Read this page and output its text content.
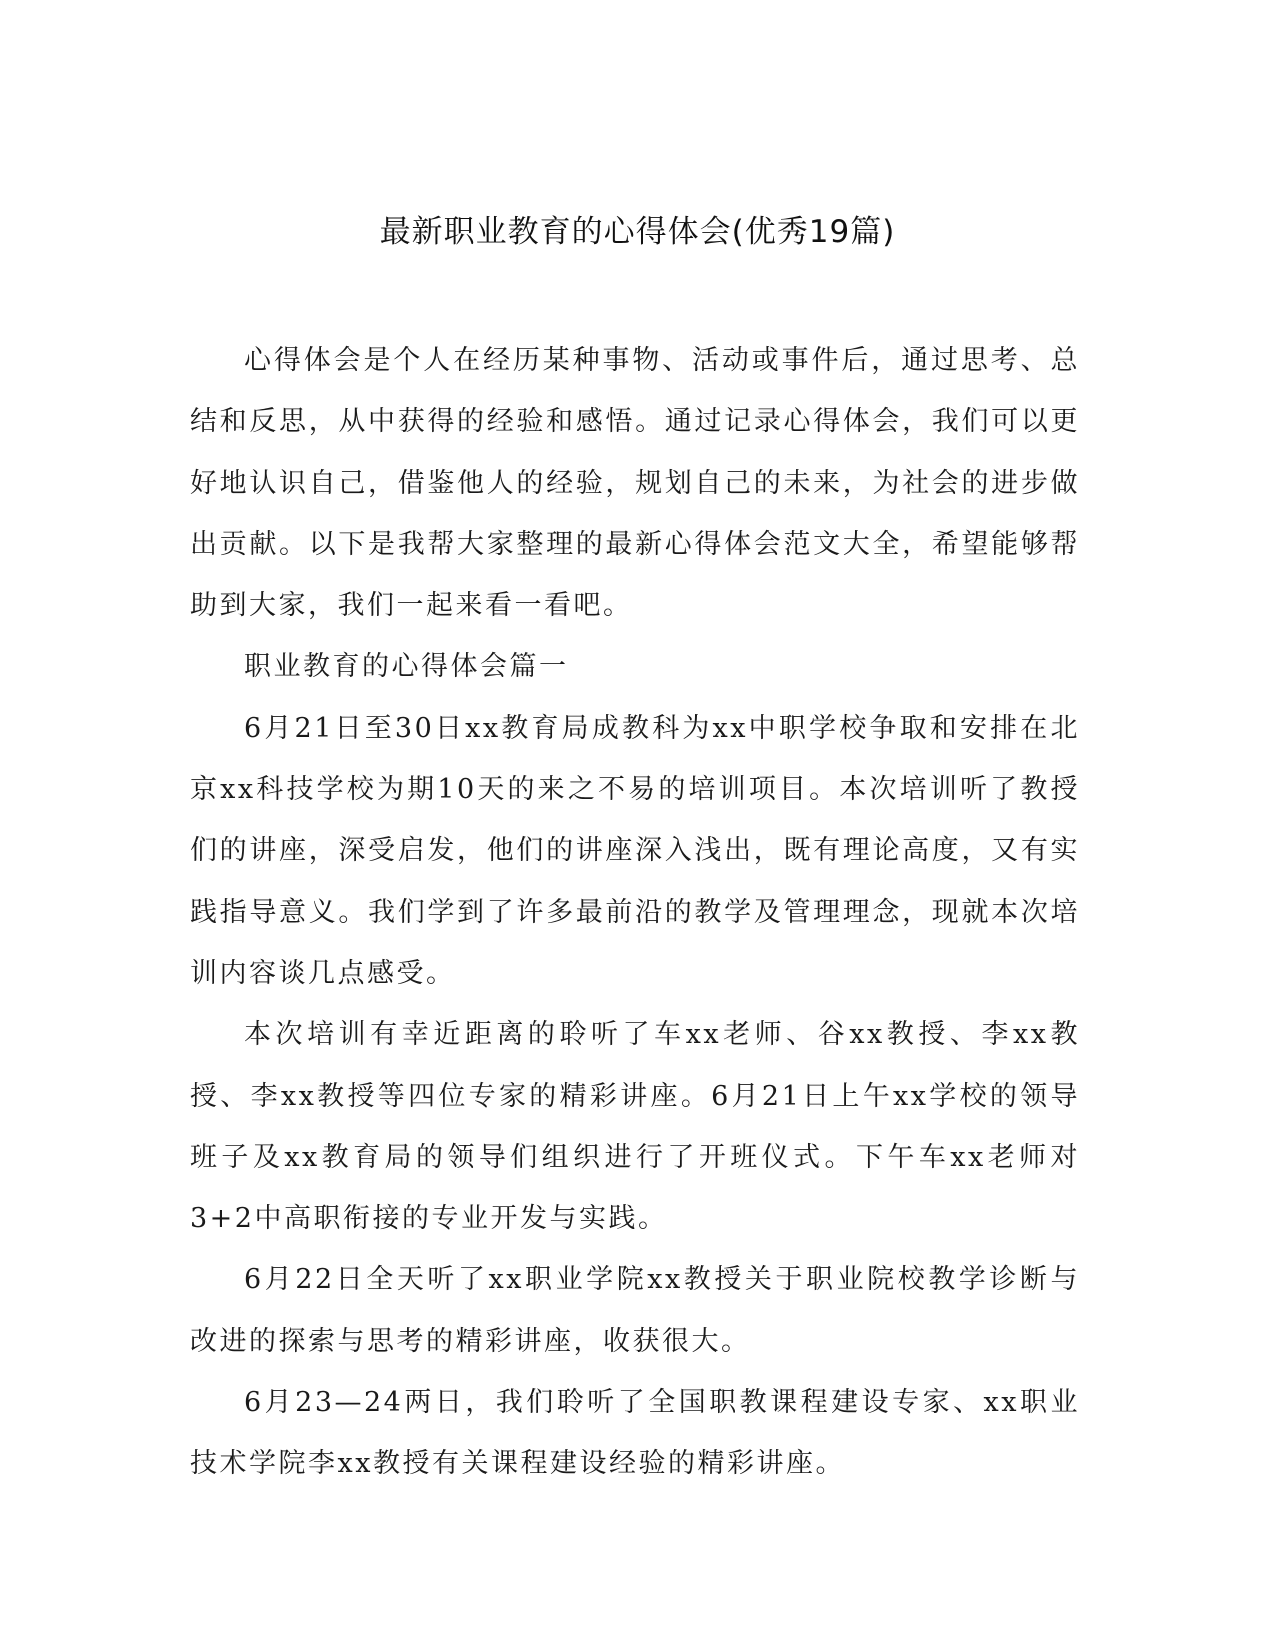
最新职业教育的心得体会(优秀19篇)

心得体会是个人在经历某种事物、活动或事件后，通过思考、总结和反思，从中获得的经验和感悟。通过记录心得体会，我们可以更好地认识自己，借鉴他人的经验，规划自己的未来，为社会的进步做出贡献。以下是我帮大家整理的最新心得体会范文大全，希望能够帮助到大家，我们一起来看一看吧。

职业教育的心得体会篇一

6月21日至30日xx教育局成教科为xx中职学校争取和安排在北京xx科技学校为期10天的来之不易的培训项目。本次培训听了教授们的讲座，深受启发，他们的讲座深入浅出，既有理论高度，又有实践指导意义。我们学到了许多最前沿的教学及管理理念，现就本次培训内容谈几点感受。

本次培训有幸近距离的聆听了车xx老师、谷xx教授、李xx教授、李xx教授等四位专家的精彩讲座。6月21日上午xx学校的领导班子及xx教育局的领导们组织进行了开班仪式。下午车xx老师对3+2中高职衔接的专业开发与实践。

6月22日全天听了xx职业学院xx教授关于职业院校教学诊断与改进的探索与思考的精彩讲座，收获很大。

6月23—24两日，我们聆听了全国职教课程建设专家、xx职业技术学院李xx教授有关课程建设经验的精彩讲座。
